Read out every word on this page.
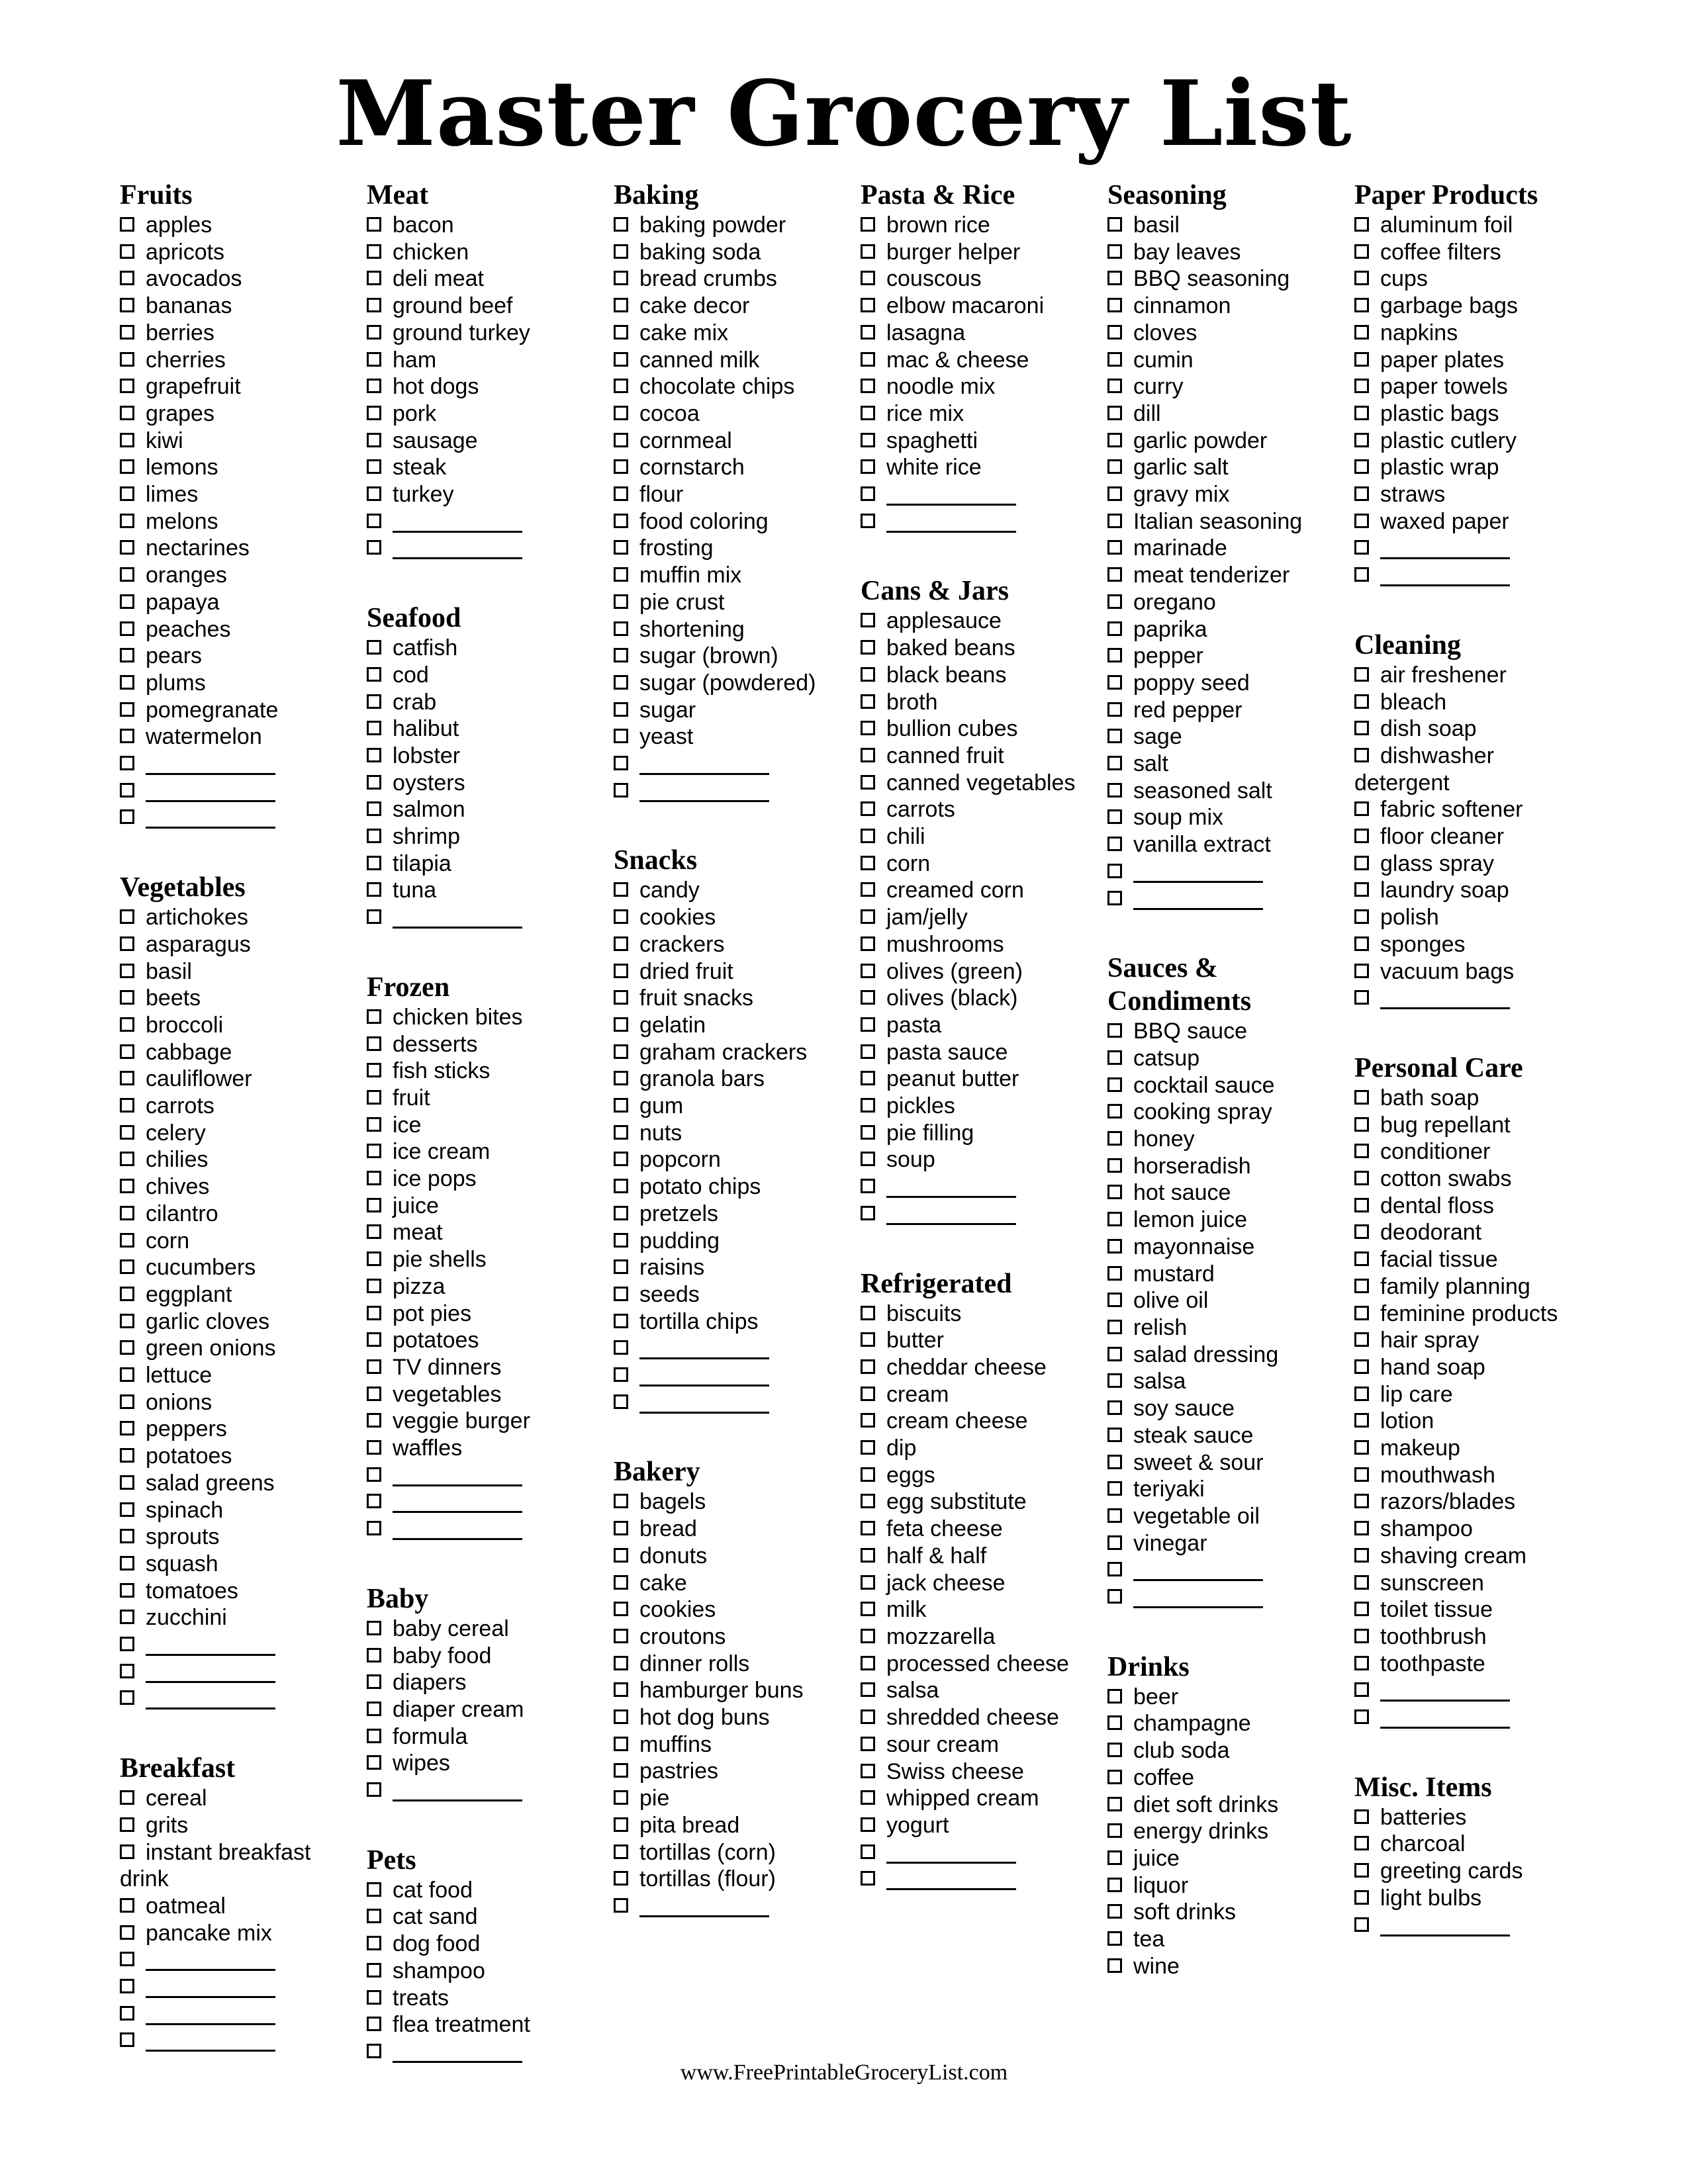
Master Grocery List
Fruits
apples
apricots
avocados
bananas
berries
cherries
grapefruit
grapes
kiwi
lemons
limes
melons
nectarines
oranges
papaya
peaches
pears
plums
pomegranate
watermelon
Vegetables
artichokes
asparagus
basil
beets
broccoli
cabbage
cauliflower
carrots
celery
chilies
chives
cilantro
corn
cucumbers
eggplant
garlic cloves
green onions
lettuce
onions
peppers
potatoes
salad greens
spinach
sprouts
squash
tomatoes
zucchini
Breakfast
cereal
grits
instant breakfast drink
oatmeal
pancake mix
Meat
bacon
chicken
deli meat
ground beef
ground turkey
ham
hot dogs
pork
sausage
steak
turkey
Seafood
catfish
cod
crab
halibut
lobster
oysters
salmon
shrimp
tilapia
tuna
Frozen
chicken bites
desserts
fish sticks
fruit
ice
ice cream
ice pops
juice
meat
pie shells
pizza
pot pies
potatoes
TV dinners
vegetables
veggie burger
waffles
Baby
baby cereal
baby food
diapers
diaper cream
formula
wipes
Pets
cat food
cat sand
dog food
shampoo
treats
flea treatment
Baking
baking powder
baking soda
bread crumbs
cake decor
cake mix
canned milk
chocolate chips
cocoa
cornmeal
cornstarch
flour
food coloring
frosting
muffin mix
pie crust
shortening
sugar (brown)
sugar (powdered)
sugar
yeast
Snacks
candy
cookies
crackers
dried fruit
fruit snacks
gelatin
graham crackers
granola bars
gum
nuts
popcorn
potato chips
pretzels
pudding
raisins
seeds
tortilla chips
Bakery
bagels
bread
donuts
cake
cookies
croutons
dinner rolls
hamburger buns
hot dog buns
muffins
pastries
pie
pita bread
tortillas (corn)
tortillas (flour)
Pasta & Rice
brown rice
burger helper
couscous
elbow macaroni
lasagna
mac & cheese
noodle mix
rice mix
spaghetti
white rice
Cans & Jars
applesauce
baked beans
black beans
broth
bullion cubes
canned fruit
canned vegetables
carrots
chili
corn
creamed corn
jam/jelly
mushrooms
olives (green)
olives (black)
pasta
pasta sauce
peanut butter
pickles
pie filling
soup
Refrigerated
biscuits
butter
cheddar cheese
cream
cream cheese
dip
eggs
egg substitute
feta cheese
half & half
jack cheese
milk
mozzarella
processed cheese
salsa
shredded cheese
sour cream
Swiss cheese
whipped cream
yogurt
Seasoning
basil
bay leaves
BBQ seasoning
cinnamon
cloves
cumin
curry
dill
garlic powder
garlic salt
gravy mix
Italian seasoning
marinade
meat tenderizer
oregano
paprika
pepper
poppy seed
red pepper
sage
salt
seasoned salt
soup mix
vanilla extract
Sauces & Condiments
BBQ sauce
catsup
cocktail sauce
cooking spray
honey
horseradish
hot sauce
lemon juice
mayonnaise
mustard
olive oil
relish
salad dressing
salsa
soy sauce
steak sauce
sweet & sour
teriyaki
vegetable oil
vinegar
Drinks
beer
champagne
club soda
coffee
diet soft drinks
energy drinks
juice
liquor
soft drinks
tea
wine
Paper Products
aluminum foil
coffee filters
cups
garbage bags
napkins
paper plates
paper towels
plastic bags
plastic cutlery
plastic wrap
straws
waxed paper
Cleaning
air freshener
bleach
dish soap
dishwasher detergent
fabric softener
floor cleaner
glass spray
laundry soap
polish
sponges
vacuum bags
Personal Care
bath soap
bug repellant
conditioner
cotton swabs
dental floss
deodorant
facial tissue
family planning
feminine products
hair spray
hand soap
lip care
lotion
makeup
mouthwash
razors/blades
shampoo
shaving cream
sunscreen
toilet tissue
toothbrush
toothpaste
Misc. Items
batteries
charcoal
greeting cards
light bulbs
www.FreePrintableGroceryList.com
